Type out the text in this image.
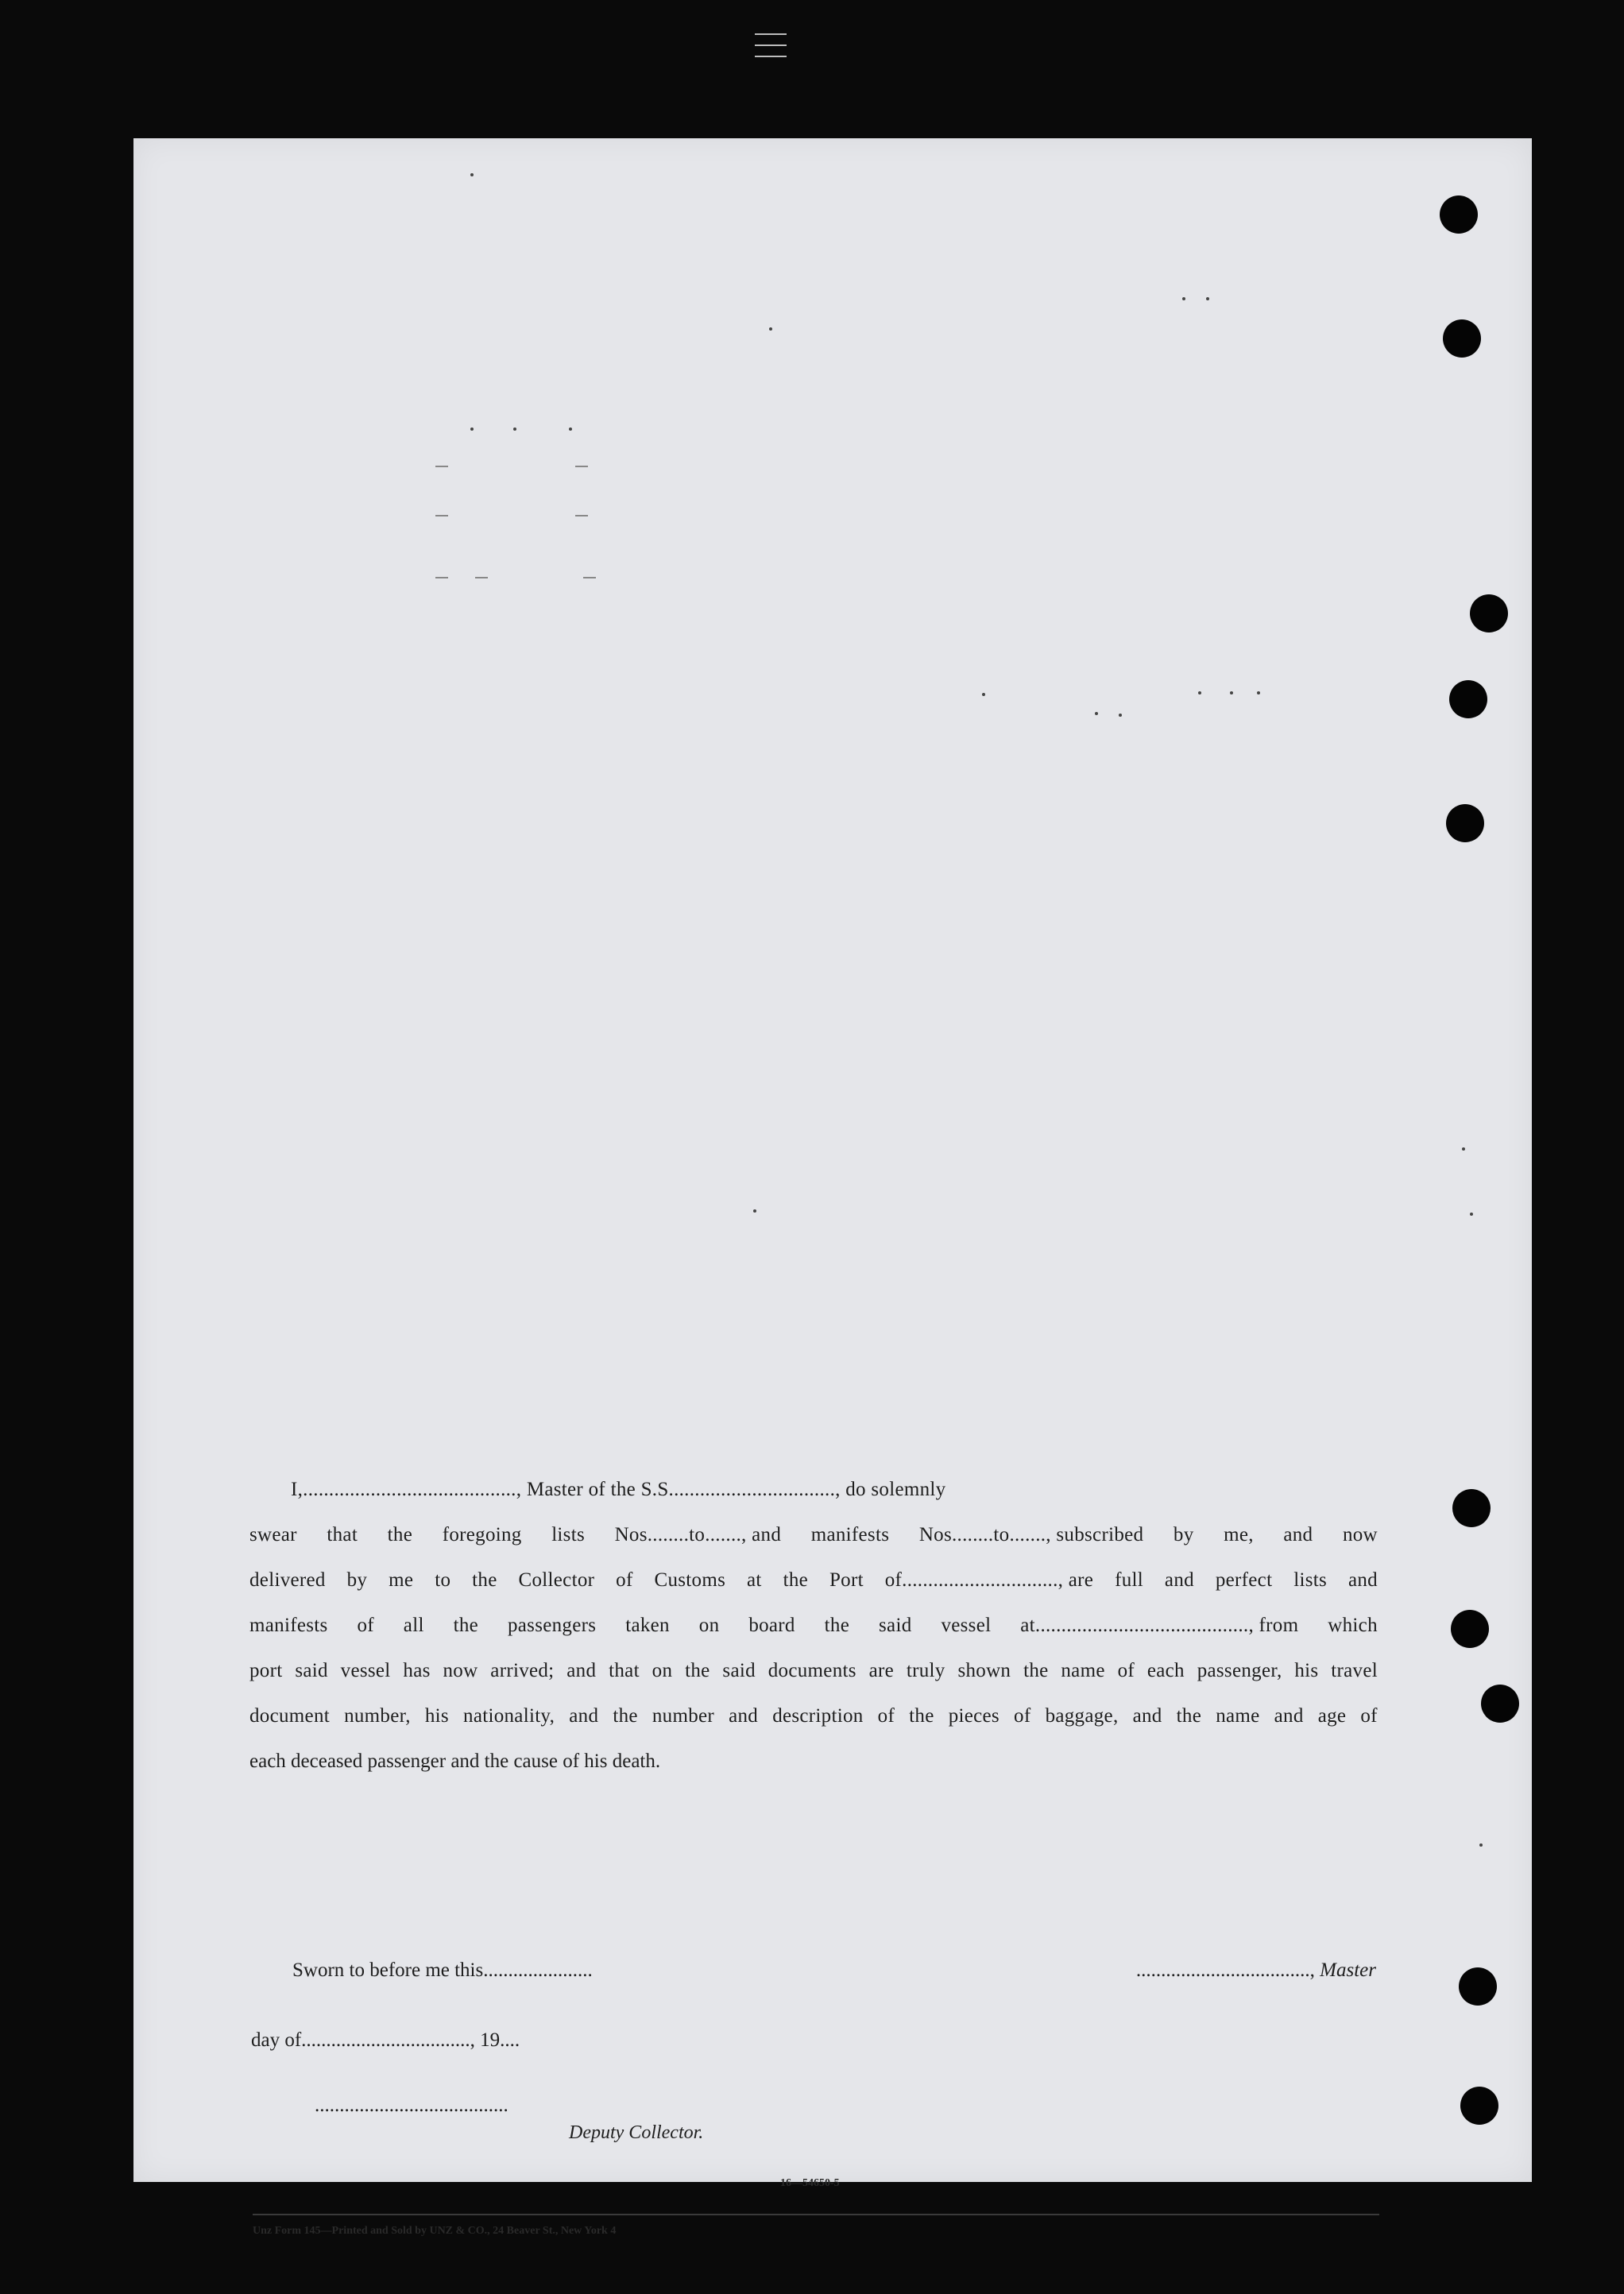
I,........................................., Master of the S.S................................, do solemnly
swear that the foregoing lists Nos........to......., and manifests Nos........to......., subscribed by me, and now
delivered by me to the Collector of Customs at the Port of.............................., are full and perfect lists and
manifests of all the passengers taken on board the said vessel at........................................., from which
port said vessel has now arrived; and that on the said documents are truly shown the name of each passenger, his travel
document number, his nationality, and the number and description of the pieces of baggage, and the name and age of
each deceased passenger and the cause of his death.
Sworn to before me this......................	..................................., Master
day of.................................., 19....
.......................................
Deputy Collector.
16—54650-5
Unz Form 145—Printed and Sold by UNZ & CO., 24 Beaver St., New York 4
